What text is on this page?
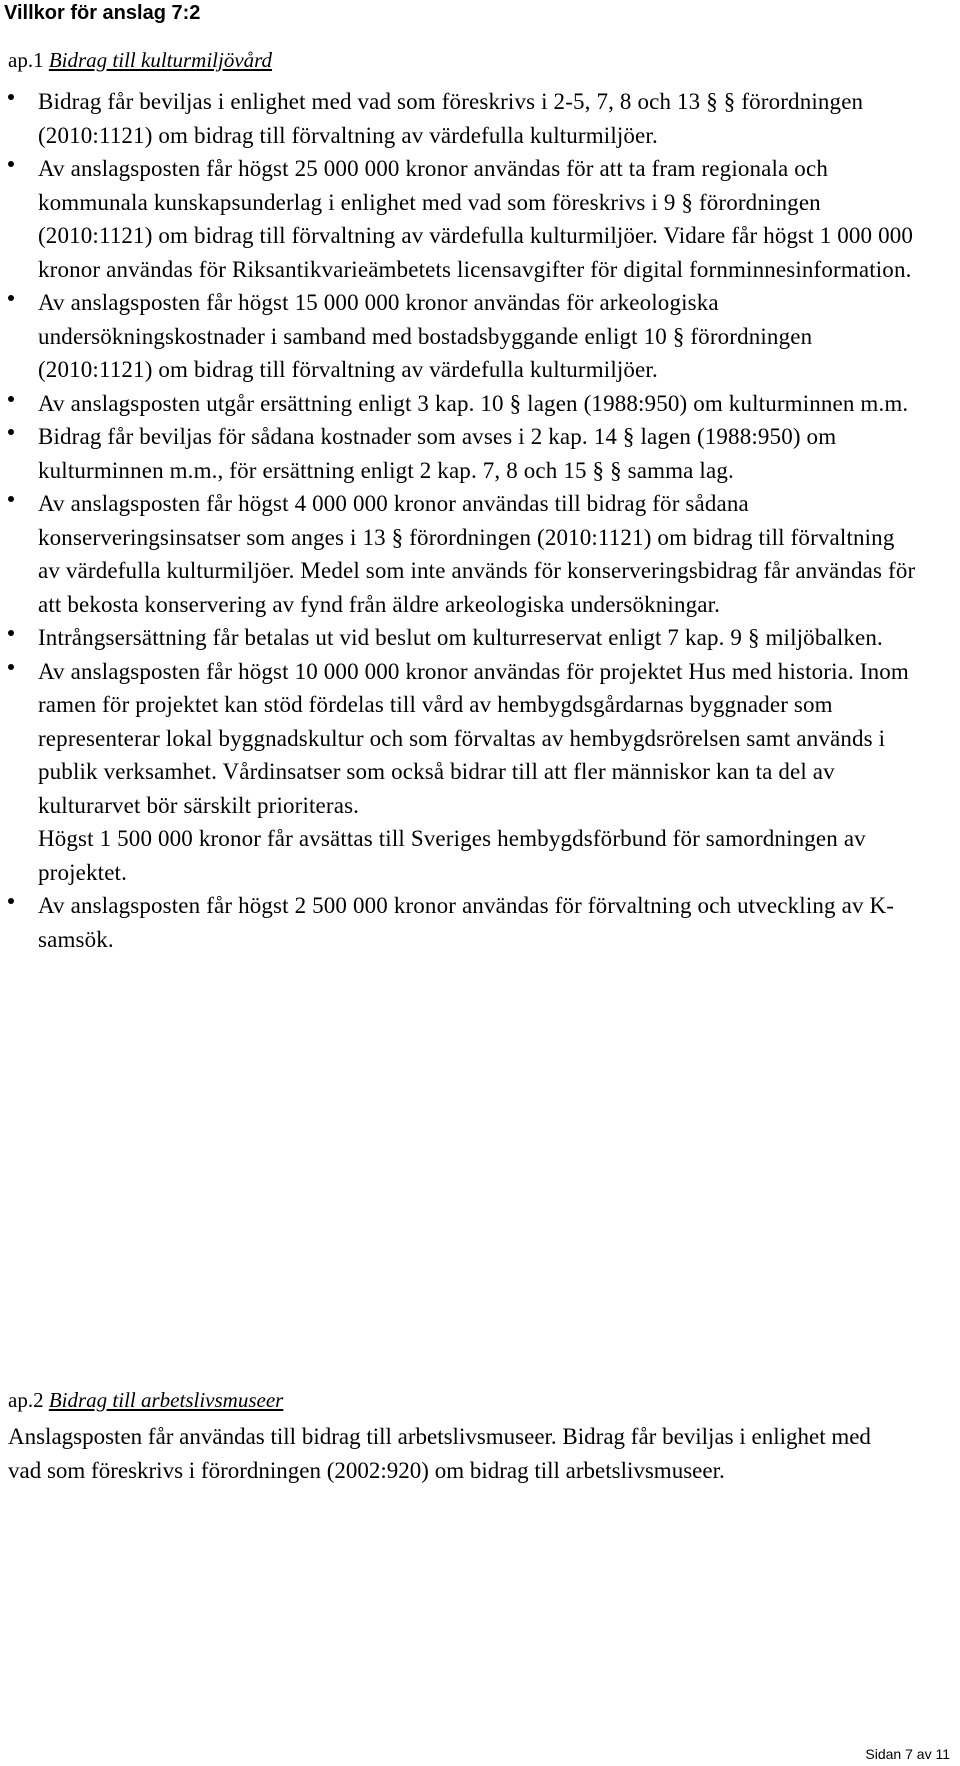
Villkor för anslag 7:2
ap.1 Bidrag till kulturmiljövård
Bidrag får beviljas i enlighet med vad som föreskrivs i 2-5, 7, 8 och 13 § § förordningen (2010:1121) om bidrag till förvaltning av värdefulla kulturmiljöer.
Av anslagsposten får högst 25 000 000 kronor användas för att ta fram regionala och kommunala kunskapsunderlag i enlighet med vad som föreskrivs i 9 § förordningen (2010:1121) om bidrag till förvaltning av värdefulla kulturmiljöer. Vidare får högst 1 000 000 kronor användas för Riksantikvarieämbetets licensavgifter för digital fornminnesinformation.
Av anslagsposten får högst 15 000 000 kronor användas för arkeologiska undersökningskostnader i samband med bostadsbyggande enligt 10 § förordningen (2010:1121) om bidrag till förvaltning av värdefulla kulturmiljöer.
Av anslagsposten utgår ersättning enligt 3 kap. 10 § lagen (1988:950) om kulturminnen m.m.
Bidrag får beviljas för sådana kostnader som avses i 2 kap. 14 § lagen (1988:950) om kulturminnen m.m., för ersättning enligt 2 kap. 7, 8 och 15 § § samma lag.
Av anslagsposten får högst 4 000 000 kronor användas till bidrag för sådana konserveringsinsatser som anges i 13 § förordningen (2010:1121) om bidrag till förvaltning av värdefulla kulturmiljöer. Medel som inte används för konserveringsbidrag får användas för att bekosta konservering av fynd från äldre arkeologiska undersökningar.
Intrångsersättning får betalas ut vid beslut om kulturreservat enligt 7 kap. 9 § miljöbalken.
Av anslagsposten får högst 10 000 000 kronor användas för projektet Hus med historia. Inom ramen för projektet kan stöd fördelas till vård av hembygdsgårdarnas byggnader som representerar lokal byggnadskultur och som förvaltas av hembygdsrörelsen samt används i publik verksamhet. Vårdinsatser som också bidrar till att fler människor kan ta del av kulturarvet bör särskilt prioriteras.
Högst 1 500 000 kronor får avsättas till Sveriges hembygdsförbund för samordningen av projektet.
Av anslagsposten får högst 2 500 000 kronor användas för förvaltning och utveckling av K-samsök.
ap.2 Bidrag till arbetslivsmuseer
Anslagsposten får användas till bidrag till arbetslivsmuseer. Bidrag får beviljas i enlighet med vad som föreskrivs i förordningen (2002:920) om bidrag till arbetslivsmuseer.
Sidan 7 av 11
